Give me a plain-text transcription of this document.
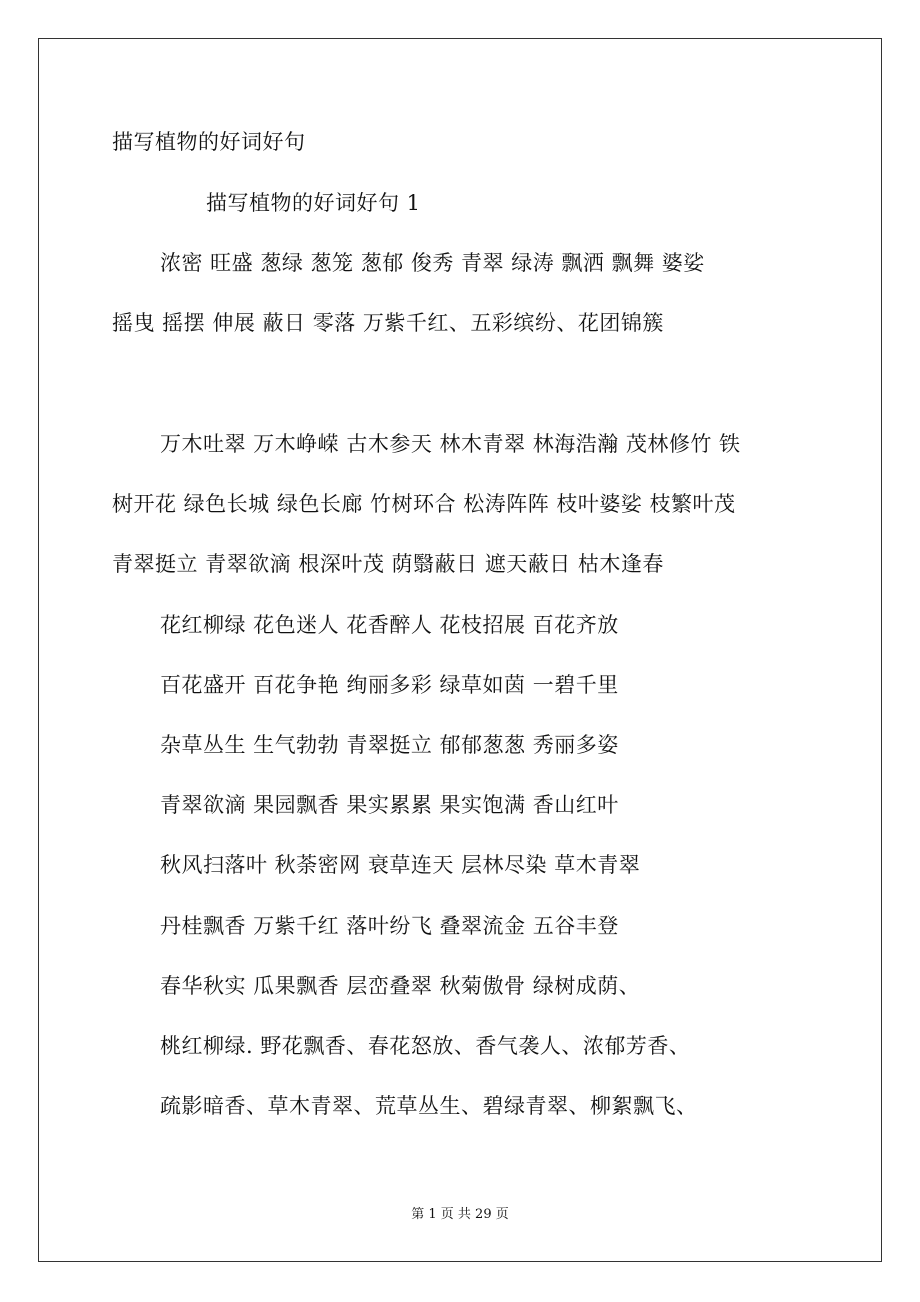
描写植物的好词好句
描写植物的好词好句 1
浓密 旺盛 葱绿 葱笼 葱郁 俊秀 青翠 绿涛 飘洒 飘舞 婆娑
摇曳 摇摆 伸展 蔽日 零落 万紫千红、五彩缤纷、花团锦簇
万木吐翠 万木峥嵘 古木参天 林木青翠 林海浩瀚 茂林修竹 铁
树开花 绿色长城 绿色长廊 竹树环合 松涛阵阵 枝叶婆娑 枝繁叶茂
青翠挺立 青翠欲滴 根深叶茂 荫翳蔽日 遮天蔽日 枯木逢春
花红柳绿 花色迷人 花香醉人 花枝招展 百花齐放
百花盛开 百花争艳 绚丽多彩 绿草如茵 一碧千里
杂草丛生 生气勃勃 青翠挺立 郁郁葱葱 秀丽多姿
青翠欲滴 果园飘香 果实累累 果实饱满 香山红叶
秋风扫落叶 秋荼密网 衰草连天 层林尽染 草木青翠
丹桂飘香 万紫千红 落叶纷飞 叠翠流金 五谷丰登
春华秋实 瓜果飘香 层峦叠翠 秋菊傲骨 绿树成荫、
桃红柳绿. 野花飘香、春花怒放、香气袭人、浓郁芳香、
疏影暗香、草木青翠、荒草丛生、碧绿青翠、柳絮飘飞、
第 1 页 共 29 页
